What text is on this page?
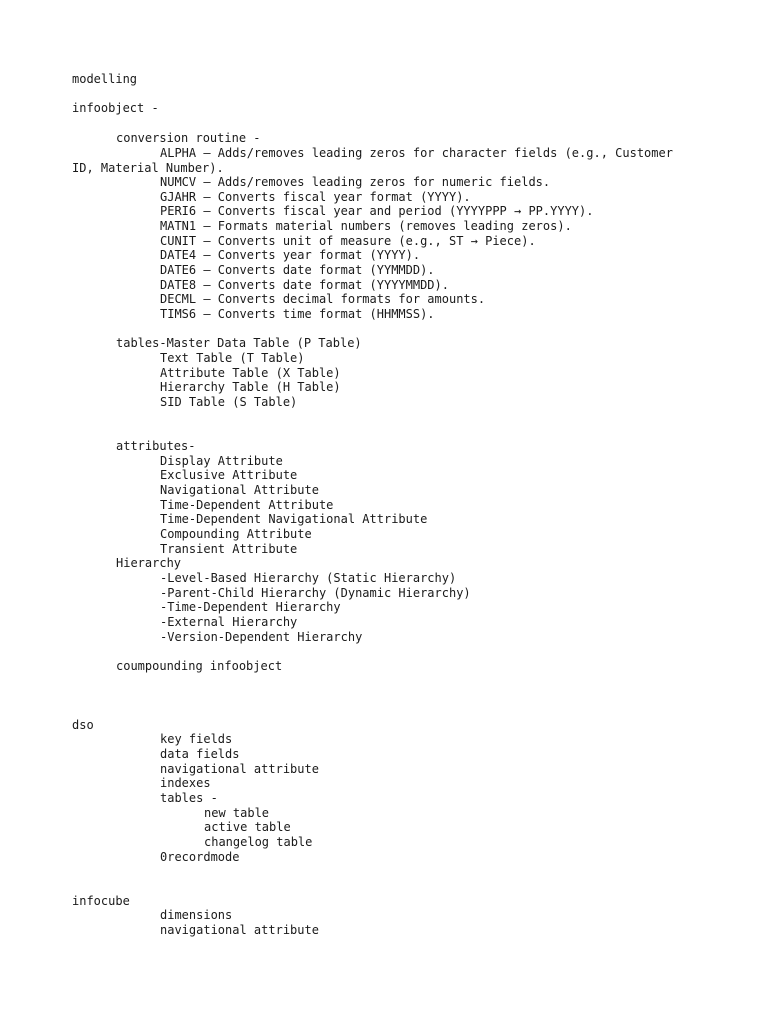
modelling
infoobject -
conversion routine -
ALPHA – Adds/removes leading zeros for character fields (e.g., Customer ID, Material Number).
NUMCV – Adds/removes leading zeros for numeric fields.
GJAHR – Converts fiscal year format (YYYY).
PERI6 – Converts fiscal year and period (YYYYPPP → PP.YYYY).
MATN1 – Formats material numbers (removes leading zeros).
CUNIT – Converts unit of measure (e.g., ST → Piece).
DATE4 – Converts year format (YYYY).
DATE6 – Converts date format (YYMMDD).
DATE8 – Converts date format (YYYYMMDD).
DECML – Converts decimal formats for amounts.
TIMS6 – Converts time format (HHMMSS).
tables-Master Data Table (P Table)
Text Table (T Table)
Attribute Table (X Table)
Hierarchy Table (H Table)
SID Table (S Table)
attributes-
Display Attribute
Exclusive Attribute
Navigational Attribute
Time-Dependent Attribute
Time-Dependent Navigational Attribute
Compounding Attribute
Transient Attribute
Hierarchy
-Level-Based Hierarchy (Static Hierarchy)
-Parent-Child Hierarchy (Dynamic Hierarchy)
-Time-Dependent Hierarchy
-External Hierarchy
-Version-Dependent Hierarchy
coumpounding infoobject
dso
key fields
data fields
navigational attribute
indexes
tables -
new table
active table
changelog table
0recordmode
infocube
dimensions
navigational attribute
